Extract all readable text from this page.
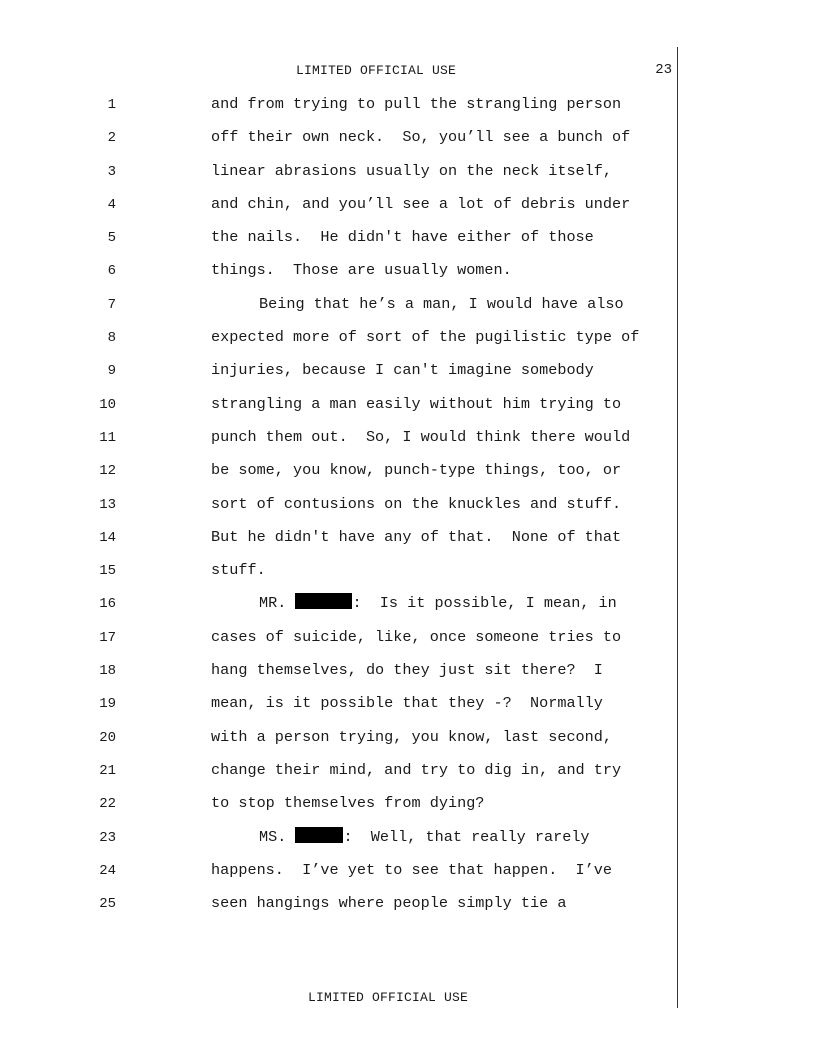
LIMITED OFFICIAL USE	23
1	and from trying to pull the strangling person
2	off their own neck.  So, you’ll see a bunch of
3	linear abrasions usually on the neck itself,
4	and chin, and you’ll see a lot of debris under
5	the nails.  He didn't have either of those
6	things.  Those are usually women.
7	Being that he’s a man, I would have also
8	expected more of sort of the pugilistic type of
9	injuries, because I can't imagine somebody
10	strangling a man easily without him trying to
11	punch them out.  So, I would think there would
12	be some, you know, punch-type things, too, or
13	sort of contusions on the knuckles and stuff.
14	But he didn't have any of that.  None of that
15	stuff.
16	MR.	:  Is it possible, I mean, in
17	cases of suicide, like, once someone tries to
18	hang themselves, do they just sit there?  I
19	mean, is it possible that they -?  Normally
20	with a person trying, you know, last second,
21	change their mind, and try to dig in, and try
22	to stop themselves from dying?
23	MS.	:  Well, that really rarely
24	happens.  I’ve yet to see that happen.  I’ve
25	seen hangings where people simply tie a
LIMITED OFFICIAL USE
